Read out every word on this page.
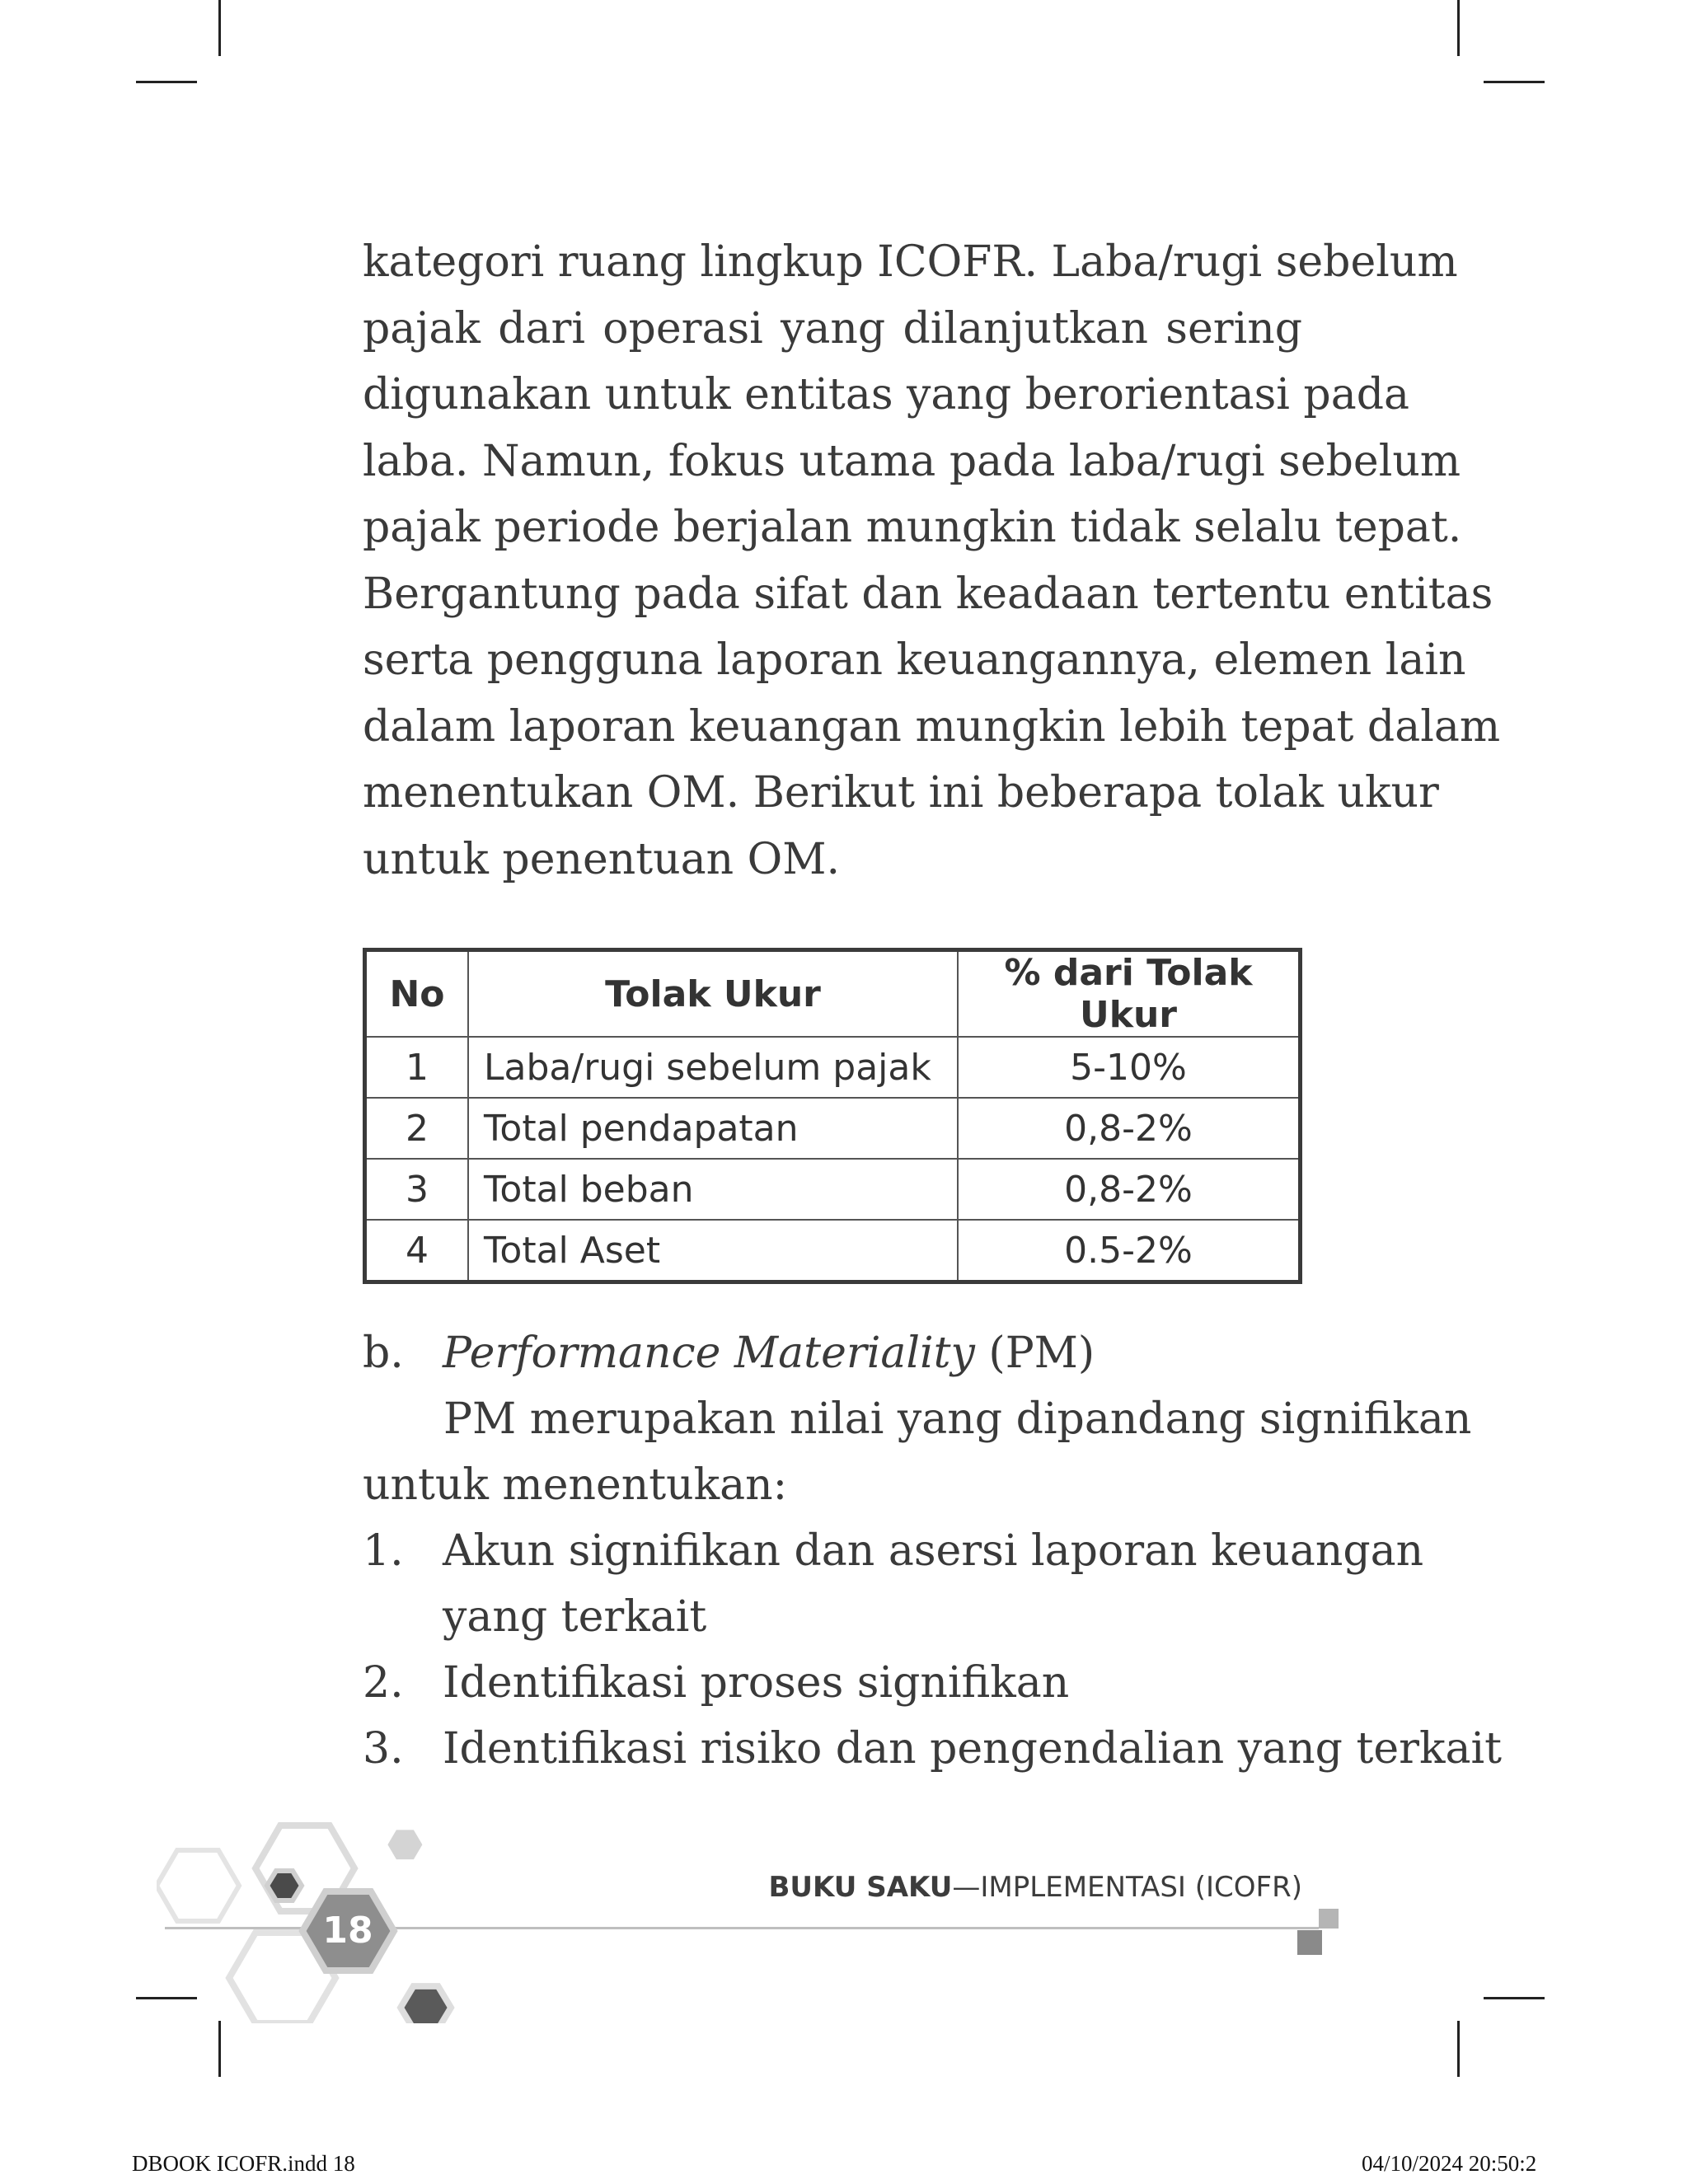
kategori ruang lingkup ICOFR. Laba/rugi sebelum
pajak dari operasi yang dilanjutkan sering
digunakan untuk entitas yang berorientasi pada
laba. Namun, fokus utama pada laba/rugi sebelum
pajak periode berjalan mungkin tidak selalu tepat.
Bergantung pada sifat dan keadaan tertentu entitas
serta pengguna laporan keuangannya, elemen lain
dalam laporan keuangan mungkin lebih tepat dalam
menentukan OM. Berikut ini beberapa tolak ukur
untuk penentuan OM.
No	Tolak Ukur	% dari Tolak Ukur
1	Laba/rugi sebelum pajak	5-10%
2	Total pendapatan	0,8-2%
3	Total beban	0,8-2%
4	Total Aset	0.5-2%
b. Performance Materiality (PM)
PM merupakan nilai yang dipandang signifikan
untuk menentukan:
1. Akun signifikan dan asersi laporan keuangan
yang terkait
2. Identifikasi proses signifikan
3. Identifikasi risiko dan pengendalian yang terkait
18
BUKU SAKU—IMPLEMENTASI (ICOFR)
DBOOK ICOFR.indd 18	04/10/2024 20:50:2
